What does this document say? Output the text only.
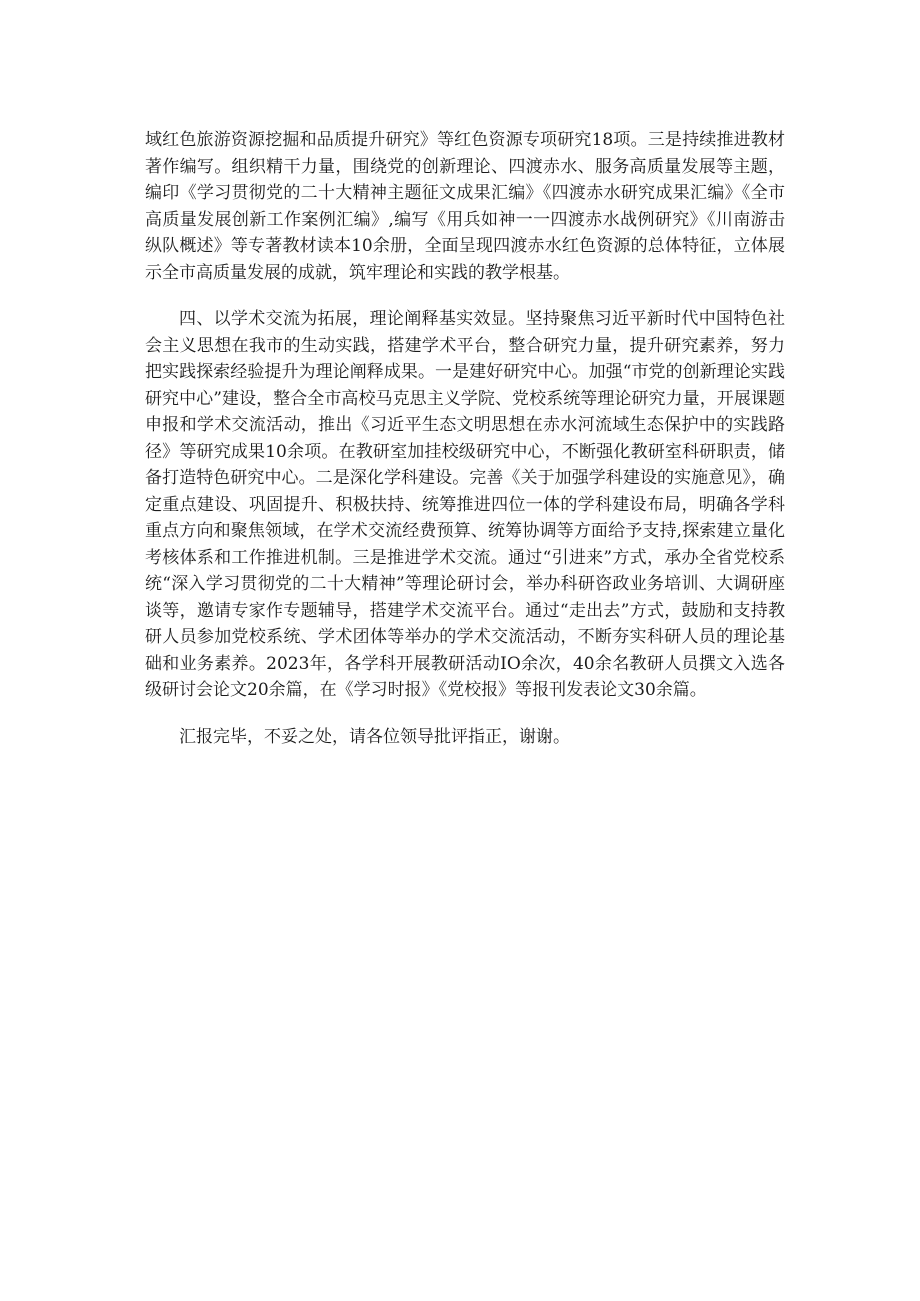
域红色旅游资源挖掘和品质提升研究》等红色资源专项研究18项。三是持续推进教材著作编写。组织精干力量，围绕党的创新理论、四渡赤水、服务高质量发展等主题，编印《学习贯彻党的二十大精神主题征文成果汇编》《四渡赤水研究成果汇编》《全市高质量发展创新工作案例汇编》,编写《用兵如神一一四渡赤水战例研究》《川南游击纵队概述》等专著教材读本10余册，全面呈现四渡赤水红色资源的总体特征，立体展示全市高质量发展的成就，筑牢理论和实践的教学根基。

四、以学术交流为拓展，理论阐释基实效显。坚持聚焦习近平新时代中国特色社会主义思想在我市的生动实践，搭建学术平台，整合研究力量，提升研究素养，努力把实践探索经验提升为理论阐释成果。一是建好研究中心。加强“市党的创新理论实践研究中心”建设，整合全市高校马克思主义学院、党校系统等理论研究力量，开展课题申报和学术交流活动，推出《习近平生态文明思想在赤水河流域生态保护中的实践路径》等研究成果10余项。在教研室加挂校级研究中心，不断强化教研室科研职责，储备打造特色研究中心。二是深化学科建设。完善《关于加强学科建设的实施意见》，确定重点建设、巩固提升、积极扶持、统筹推进四位一体的学科建设布局，明确各学科重点方向和聚焦领域，在学术交流经费预算、统筹协调等方面给予支持,探索建立量化考核体系和工作推进机制。三是推进学术交流。通过“引进来”方式，承办全省党校系统“深入学习贯彻党的二十大精神”等理论研讨会，举办科研咨政业务培训、大调研座谈等，邀请专家作专题辅导，搭建学术交流平台。通过“走出去”方式，鼓励和支持教研人员参加党校系统、学术团体等举办的学术交流活动，不断夯实科研人员的理论基础和业务素养。2023年，各学科开展教研活动IO余次，40余名教研人员撰文入选各级研讨会论文20余篇，在《学习时报》《党校报》等报刊发表论文30余篇。

汇报完毕，不妥之处，请各位领导批评指正，谢谢。
